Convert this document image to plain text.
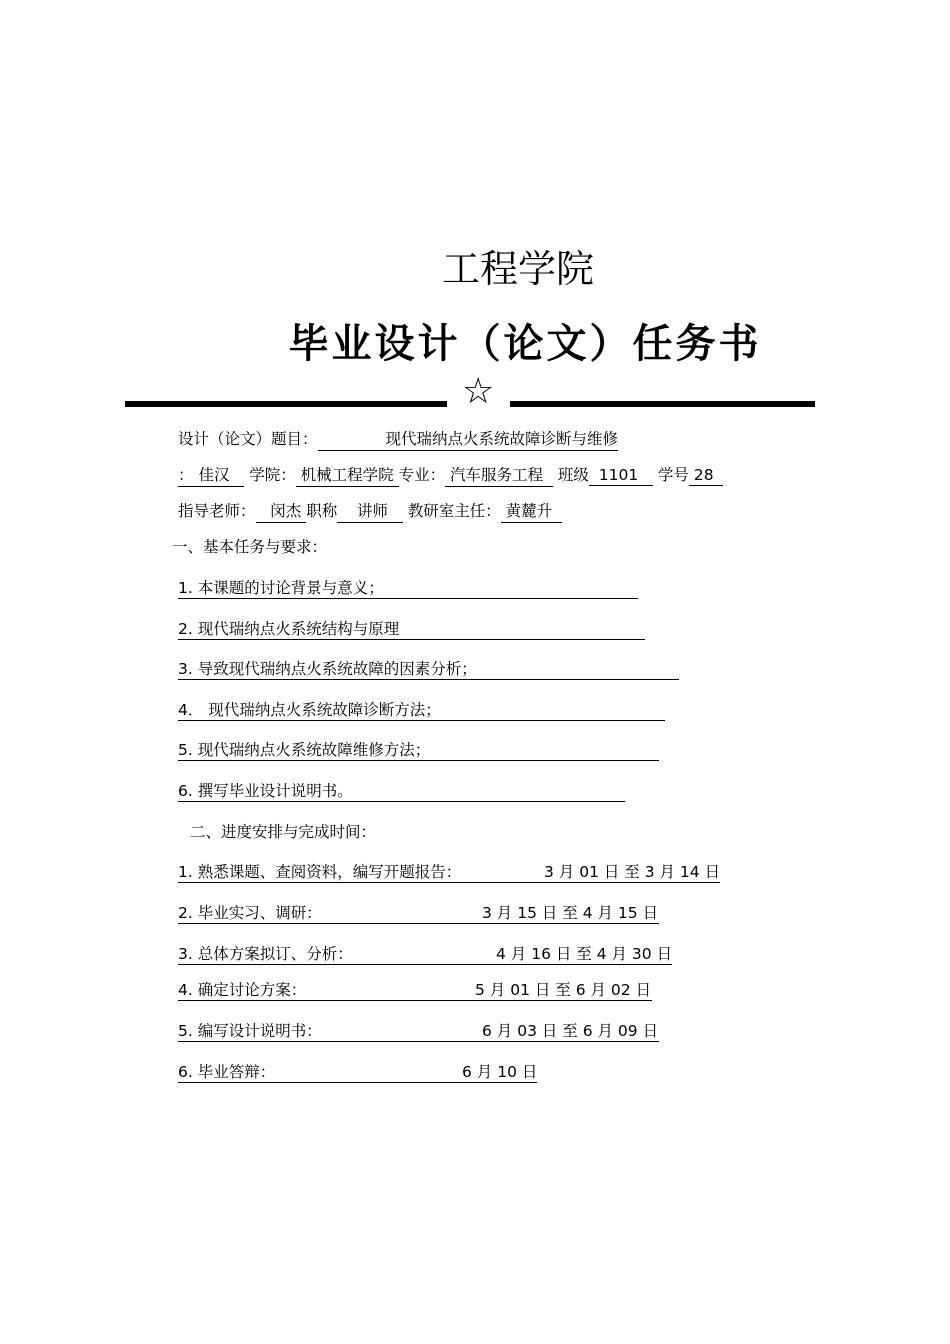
工程学院
毕业设计（论文）任务书
☆
设计（论文）题目：	现代瑞纳点火系统故障诊断与维修
： 佳汉 学院： 机械工程学院 专业： 汽车服务工程 班级 1101 学号 28
指导老师： 闵杰 职称 讲师 教研室主任： 黄麓升
一、基本任务与要求：
1. 本课题的讨论背景与意义；
2. 现代瑞纳点火系统结构与原理
3. 导致现代瑞纳点火系统故障的因素分析；
4． 现代瑞纳点火系统故障诊断方法；
5. 现代瑞纳点火系统故障维修方法；
6. 撰写毕业设计说明书。
二、进度安排与完成时间：
1. 熟悉课题、查阅资料，编写开题报告：	3 月 01 日 至 3 月 14 日
2. 毕业实习、调研：	3 月 15 日 至 4 月 15 日
3. 总体方案拟订、分析：	4 月 16 日 至 4 月 30 日
4. 确定讨论方案：	5 月 01 日 至 6 月 02 日
5. 编写设计说明书：	6 月 03 日 至 6 月 09 日
6. 毕业答辩：	6 月 10 日
